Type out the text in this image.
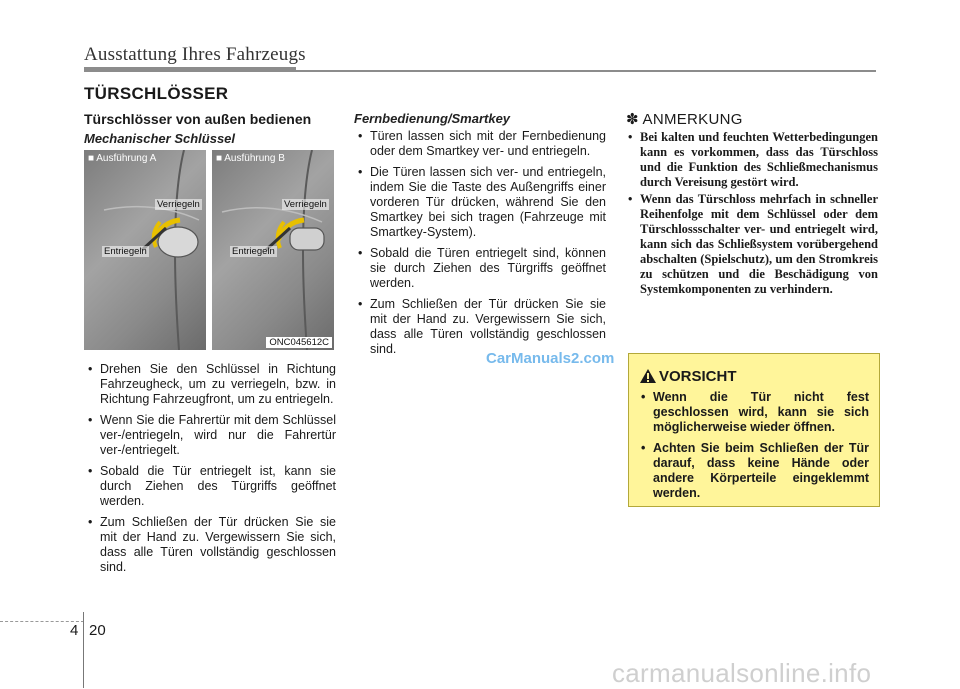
Ausstattung Ihres Fahrzeugs
TÜRSCHLÖSSER
Türschlösser von außen bedienen
Mechanischer Schlüssel
■ Ausführung A
Verriegeln
Entriegeln
■ Ausführung B
Verriegeln
Entriegeln
ONC045612C
• Drehen Sie den Schlüssel in Richtung Fahrzeugheck, um zu verriegeln, bzw. in Richtung Fahrzeugfront, um zu entriegeln.
• Wenn Sie die Fahrertür mit dem Schlüssel ver-/entriegeln, wird nur die Fahrertür ver-/entriegelt.
• Sobald die Tür entriegelt ist, kann sie durch Ziehen des Türgriffs geöffnet werden.
• Zum Schließen der Tür drücken Sie sie mit der Hand zu. Vergewissern Sie sich, dass alle Türen vollständig geschlossen sind.
Fernbedienung/Smartkey
• Türen lassen sich mit der Fernbedienung oder dem Smartkey ver- und entriegeln.
• Die Türen lassen sich ver- und entriegeln, indem Sie die Taste des Außengriffs einer vorderen Tür drücken, während Sie den Smartkey bei sich tragen (Fahrzeuge mit Smartkey-System).
• Sobald die Türen entriegelt sind, können sie durch Ziehen des Türgriffs geöffnet werden.
• Zum Schließen der Tür drücken Sie sie mit der Hand zu. Vergewissern Sie sich, dass alle Türen vollständig geschlossen sind.
✽ ANMERKUNG
• Bei kalten und feuchten Wetterbedingungen kann es vorkommen, dass das Türschloss und die Funktion des Schließmechanismus durch Vereisung gestört wird.
• Wenn das Türschloss mehrfach in schneller Reihenfolge mit dem Schlüssel oder dem Türschlossschalter ver- und entriegelt wird, kann sich das Schließsystem vorübergehend abschalten (Spielschutz), um den Stromkreis zu schützen und die Beschädigung von Systemkomponenten zu verhindern.
VORSICHT
• Wenn die Tür nicht fest geschlossen wird, kann sie sich möglicherweise wieder öffnen.
• Achten Sie beim Schließen der Tür darauf, dass keine Hände oder andere Körperteile eingeklemmt werden.
4 20
CarManuals2.com
carmanualsonline.info
